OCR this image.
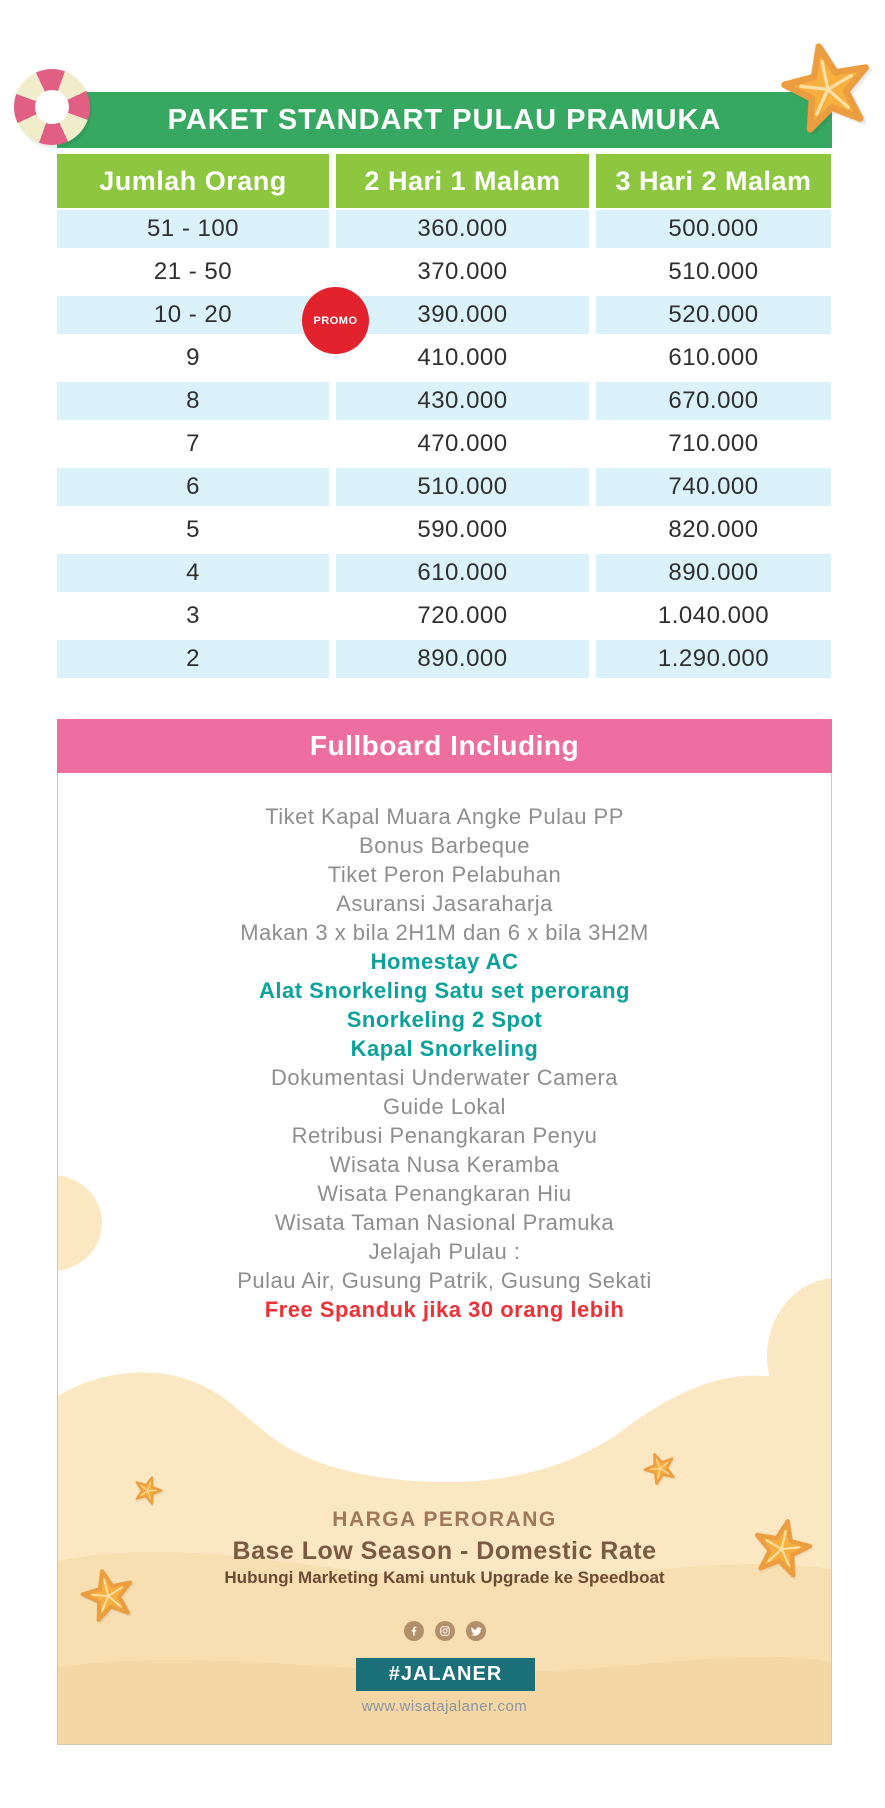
PAKET STANDART PULAU PRAMUKA
Jumlah Orang	2 Hari 1 Malam	3 Hari 2 Malam
51 - 100	360.000	500.000
21 - 50	370.000	510.000
10 - 20	390.000	520.000
9	410.000	610.000
8	430.000	670.000
7	470.000	710.000
6	510.000	740.000
5	590.000	820.000
4	610.000	890.000
3	720.000	1.040.000
2	890.000	1.290.000
PROMO
Fullboard Including
Tiket Kapal Muara Angke Pulau PP
Bonus Barbeque
Tiket Peron Pelabuhan
Asuransi Jasaraharja
Makan 3 x bila 2H1M dan 6 x bila 3H2M
Homestay AC
Alat Snorkeling Satu set perorang
Snorkeling 2 Spot
Kapal Snorkeling
Dokumentasi Underwater Camera
Guide Lokal
Retribusi Penangkaran Penyu
Wisata Nusa Keramba
Wisata Penangkaran Hiu
Wisata Taman Nasional Pramuka
Jelajah Pulau :
Pulau Air, Gusung Patrik, Gusung Sekati
Free Spanduk jika 30 orang lebih
HARGA PERORANG
Base Low Season - Domestic Rate
Hubungi Marketing Kami untuk Upgrade ke Speedboat
#JALANER
www.wisatajalaner.com
